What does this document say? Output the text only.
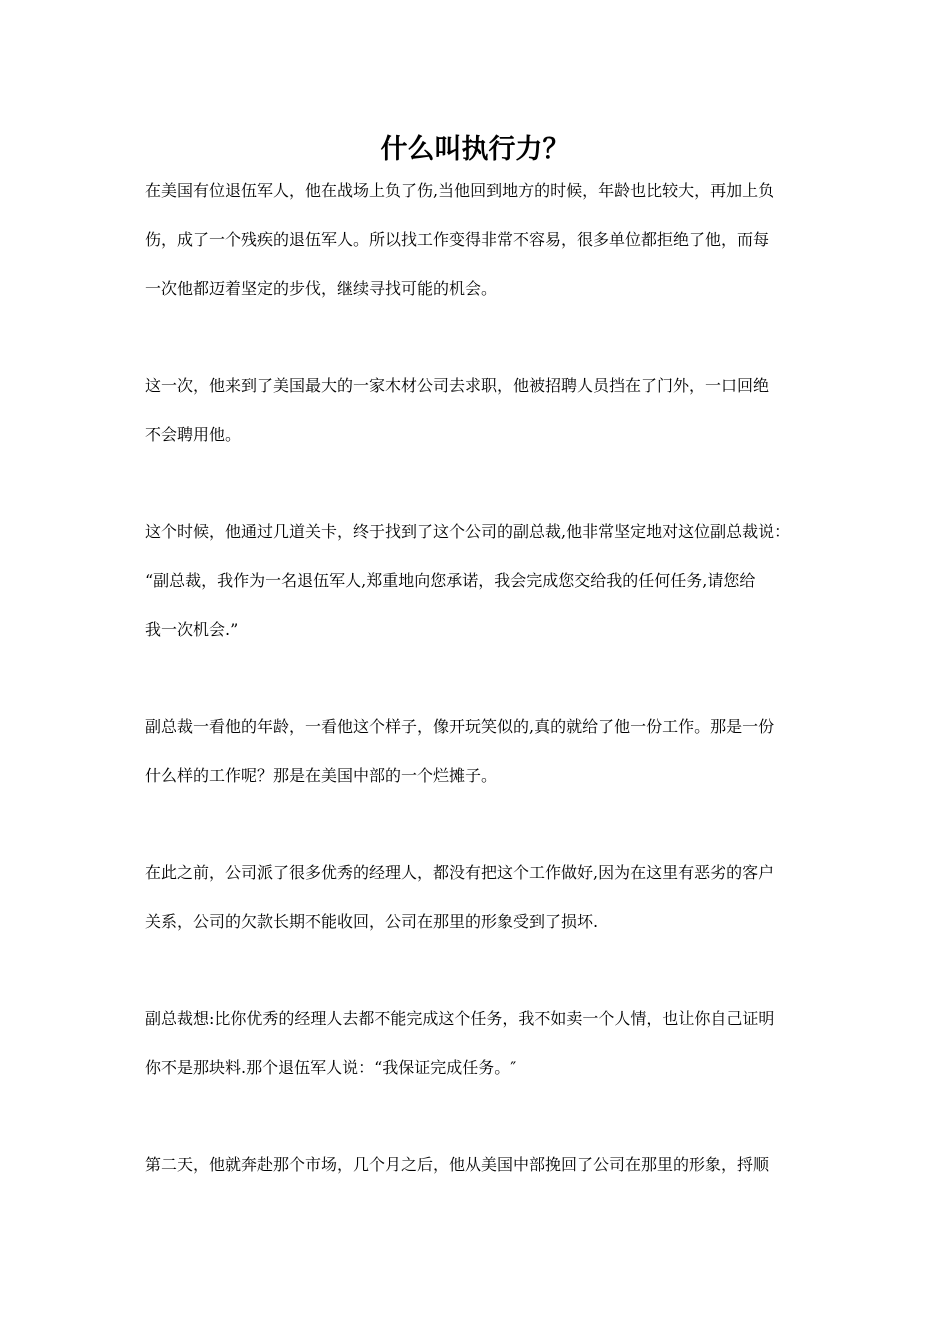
什么叫执行力？
在美国有位退伍军人，他在战场上负了伤,当他回到地方的时候，年龄也比较大，再加上负
伤，成了一个残疾的退伍军人。所以找工作变得非常不容易，很多单位都拒绝了他，而每
一次他都迈着坚定的步伐，继续寻找可能的机会。
这一次，他来到了美国最大的一家木材公司去求职，他被招聘人员挡在了门外，一口回绝
不会聘用他。
这个时候，他通过几道关卡，终于找到了这个公司的副总裁,他非常坚定地对这位副总裁说：
“副总裁，我作为一名退伍军人,郑重地向您承诺，我会完成您交给我的任何任务,请您给
我一次机会.”
副总裁一看他的年龄，一看他这个样子，像开玩笑似的,真的就给了他一份工作。那是一份
什么样的工作呢？那是在美国中部的一个烂摊子。
在此之前，公司派了很多优秀的经理人，都没有把这个工作做好,因为在这里有恶劣的客户
关系，公司的欠款长期不能收回，公司在那里的形象受到了损坏.
副总裁想:比你优秀的经理人去都不能完成这个任务，我不如卖一个人情，也让你自己证明
你不是那块料.那个退伍军人说：“我保证完成任务。″
第二天，他就奔赴那个市场，几个月之后，他从美国中部挽回了公司在那里的形象，捋顺
